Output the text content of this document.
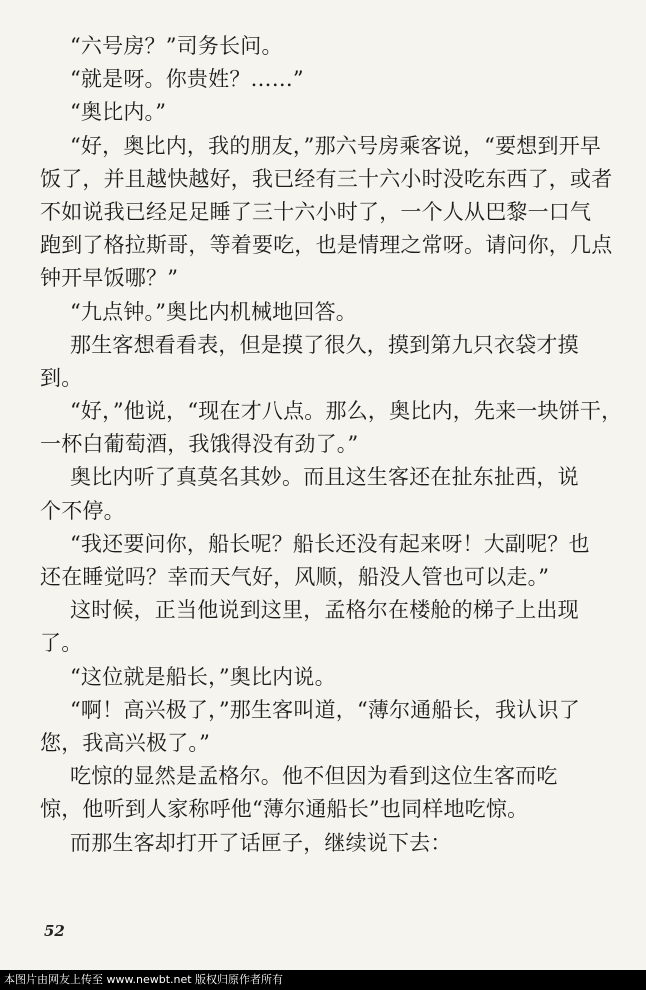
“六号房？”司务长问。
“就是呀。你贵姓？……”
“奥比内。”
“好，奥比内，我的朋友，”那六号房乘客说，“要想到开早
饭了，并且越快越好，我已经有三十六小时没吃东西了，或者
不如说我已经足足睡了三十六小时了，一个人从巴黎一口气
跑到了格拉斯哥，等着要吃，也是情理之常呀。请问你，几点
钟开早饭哪？”
“九点钟。”奥比内机械地回答。
那生客想看看表，但是摸了很久，摸到第九只衣袋才摸
到。
“好，”他说，“现在才八点。那么，奥比内，先来一块饼干，
一杯白葡萄酒，我饿得没有劲了。”
奥比内听了真莫名其妙。而且这生客还在扯东扯西，说
个不停。
“我还要问你，船长呢？船长还没有起来呀！大副呢？也
还在睡觉吗？幸而天气好，风顺，船没人管也可以走。”
这时候，正当他说到这里，孟格尔在楼舱的梯子上出现
了。
“这位就是船长，”奥比内说。
“啊！高兴极了，”那生客叫道，“薄尔通船长，我认识了
您，我高兴极了。”
吃惊的显然是孟格尔。他不但因为看到这位生客而吃
惊，他听到人家称呼他“薄尔通船长”也同样地吃惊。
而那生客却打开了话匣子，继续说下去：
52
本图片由网友上传至 www.newbt.net 版权归原作者所有
